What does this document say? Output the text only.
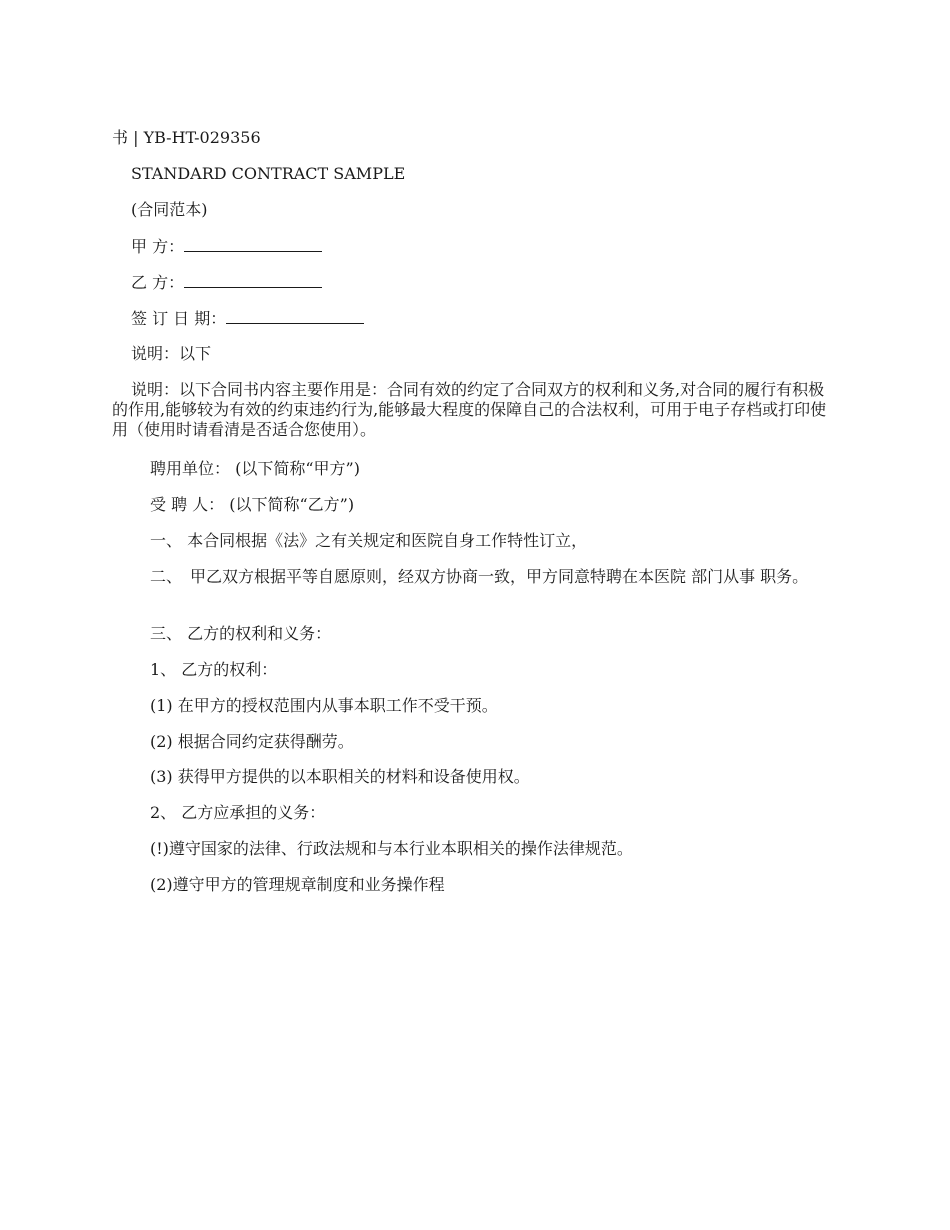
书 | YB-HT-029356
STANDARD CONTRACT SAMPLE
(合同范本)
甲 方：
乙 方：
签 订 日 期：
说明：以下
说明：以下合同书内容主要作用是：合同有效的约定了合同双方的权利和义务,对合同的履行有积极的作用,能够较为有效的约束违约行为,能够最大程度的保障自己的合法权利，可用于电子存档或打印使用（使用时请看清是否适合您使用）。
聘用单位： (以下简称“甲方”)
受 聘 人： (以下简称“乙方”)
一、 本合同根据《法》之有关规定和医院自身工作特性订立，
二、　甲乙双方根据平等自愿原则，经双方协商一致，甲方同意特聘在本医院 部门从事 职务。
三、 乙方的权利和义务：
1、 乙方的权利：
(1) 在甲方的授权范围内从事本职工作不受干预。
(2) 根据合同约定获得酬劳。
(3) 获得甲方提供的以本职相关的材料和设备使用权。
2、 乙方应承担的义务：
(!)遵守国家的法律、行政法规和与本行业本职相关的操作法律规范。
(2)遵守甲方的管理规章制度和业务操作程
